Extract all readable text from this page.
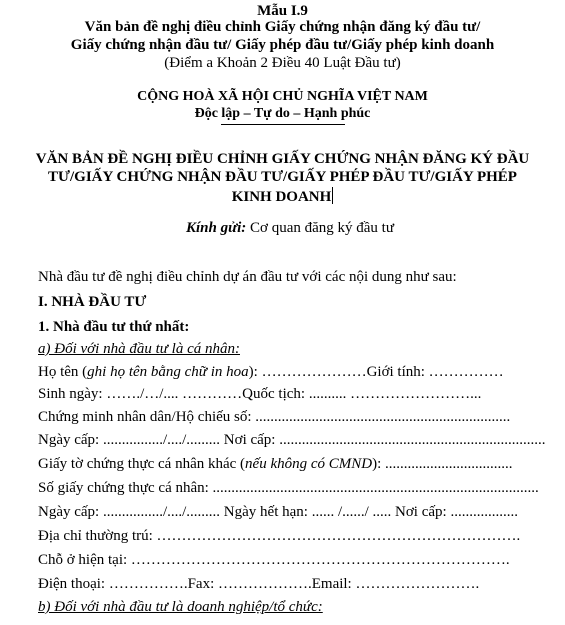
Mẫu I.9
Văn bản đề nghị điều chỉnh Giấy chứng nhận đăng ký đầu tư/
Giấy chứng nhận đầu tư/ Giấy phép đầu tư/Giấy phép kinh doanh
(Điểm a Khoản 2 Điều 40 Luật Đầu tư)
CỘNG HOÀ XÃ HỘI CHỦ NGHĨA VIỆT NAM
Độc lập – Tự do – Hạnh phúc
VĂN BẢN ĐỀ NGHỊ ĐIỀU CHỈNH GIẤY CHỨNG NHẬN ĐĂNG KÝ ĐẦU
TƯ/GIẤY CHỨNG NHẬN ĐẦU TƯ/GIẤY PHÉP ĐẦU TƯ/GIẤY PHÉP
KINH DOANH
Kính gửi: Cơ quan đăng ký đầu tư
Nhà đầu tư đề nghị điều chỉnh dự án đầu tư với các nội dung như sau:
I. NHÀ ĐẦU TƯ
1. Nhà đầu tư thứ nhất:
a) Đối với nhà đầu tư là cá nhân:
Họ tên (ghi họ tên bằng chữ in hoa): …………………Giới tính: ……………
Sinh ngày: ……./…/.... …………Quốc tịch: .......... ……………………...
Chứng minh nhân dân/Hộ chiếu số: ....................................................................
Ngày cấp: ................/..../......... Nơi cấp: .......................................................................
Giấy tờ chứng thực cá nhân khác (nếu không có CMND): ..................................
Số giấy chứng thực cá nhân: .......................................................................................
Ngày cấp: ................/..../......... Ngày hết hạn: ...... /....../ ..... Nơi cấp: ..................
Địa chỉ thường trú: ……………………………………………………………….
Chỗ ở hiện tại: ………………………………………………………………….
Điện thoại: …………….Fax: ……………….Email: …………………….
b) Đối với nhà đầu tư là doanh nghiệp/tổ chức:
